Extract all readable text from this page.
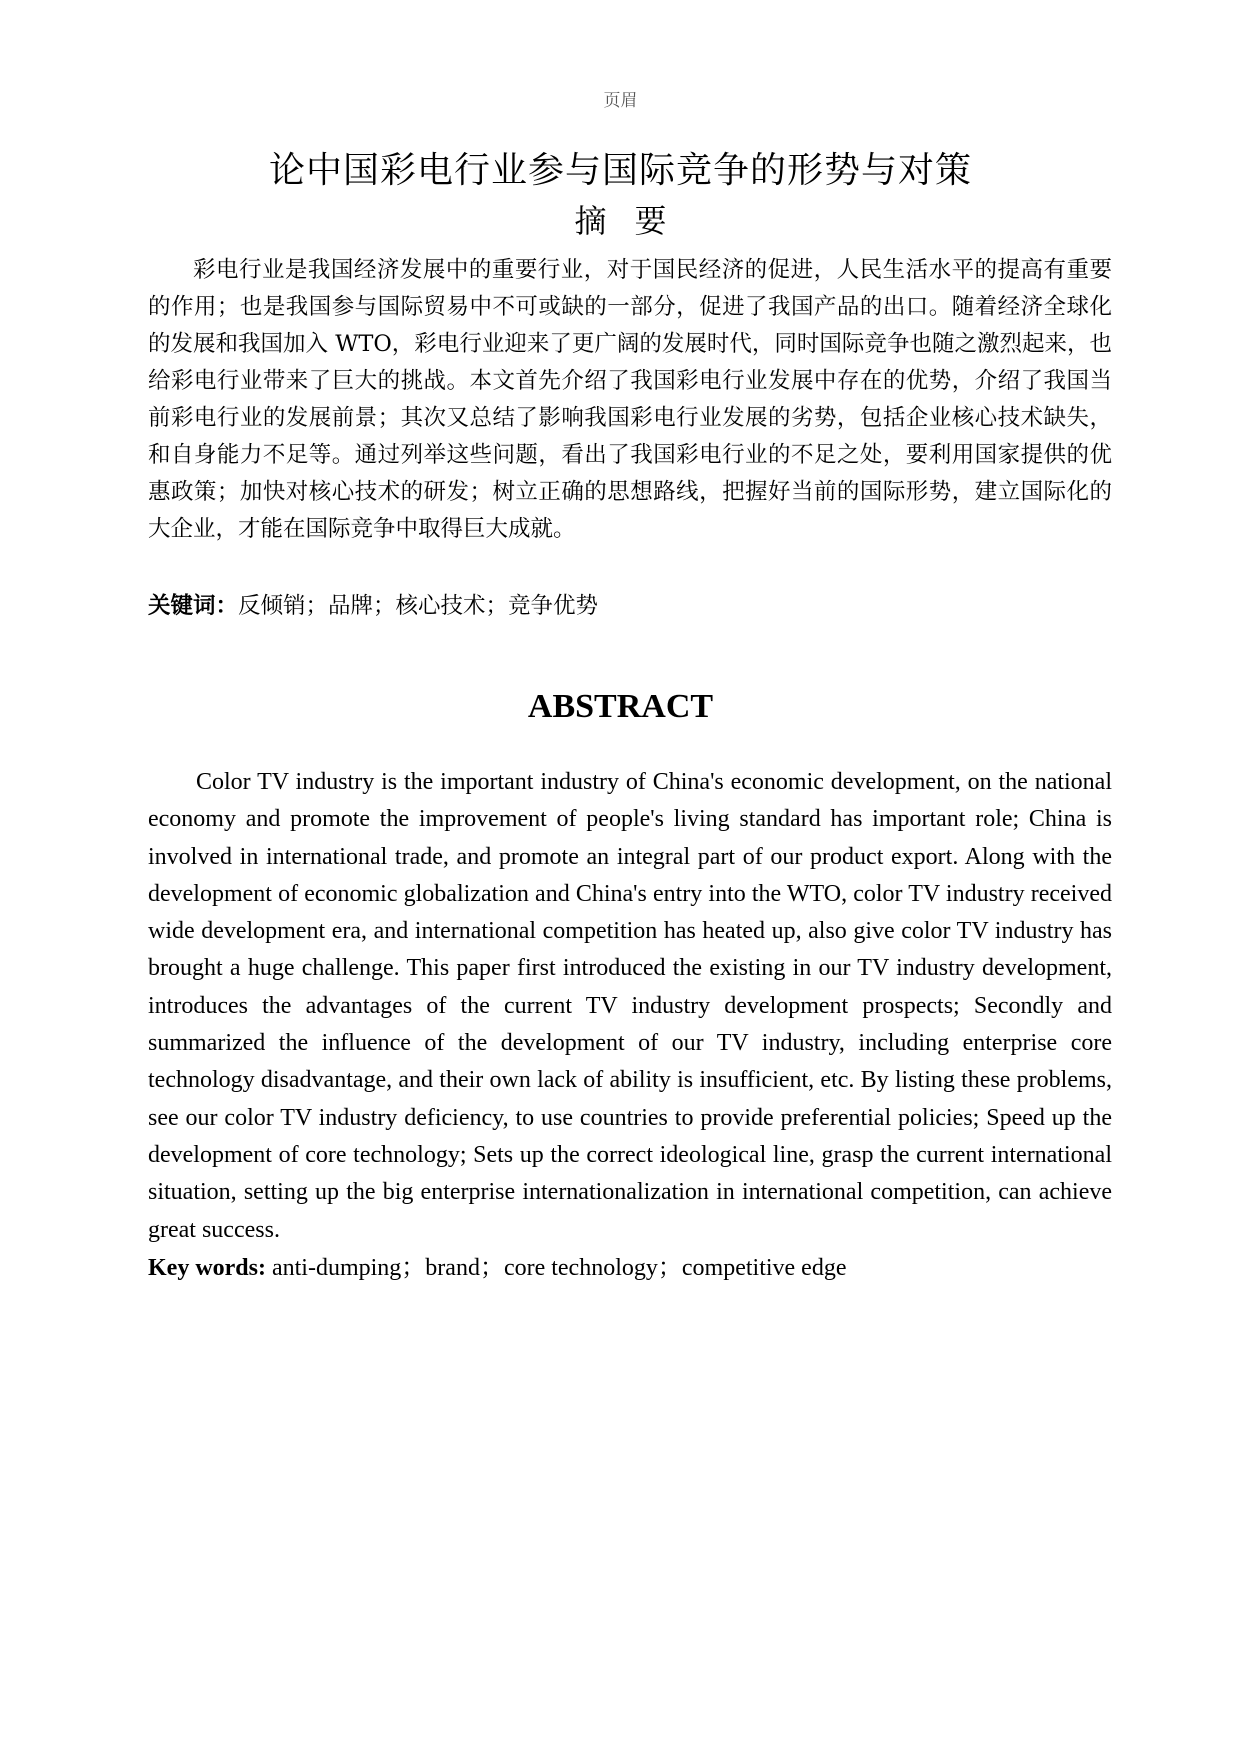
页眉
论中国彩电行业参与国际竞争的形势与对策
摘要

彩电行业是我国经济发展中的重要行业，对于国民经济的促进，人民生活水平的提高有重要的作用；也是我国参与国际贸易中不可或缺的一部分，促进了我国产品的出口。随着经济全球化的发展和我国加入 WTO，彩电行业迎来了更广阔的发展时代，同时国际竞争也随之激烈起来，也给彩电行业带来了巨大的挑战。本文首先介绍了我国彩电行业发展中存在的优势，介绍了我国当前彩电行业的发展前景；其次又总结了影响我国彩电行业发展的劣势，包括企业核心技术缺失，和自身能力不足等。通过列举这些问题，看出了我国彩电行业的不足之处，要利用国家提供的优惠政策；加快对核心技术的研发；树立正确的思想路线，把握好当前的国际形势，建立国际化的大企业，才能在国际竞争中取得巨大成就。

关键词：反倾销；品牌；核心技术；竞争优势
ABSTRACT

Color TV industry is the important industry of China's economic development, on the national economy and promote the improvement of people's living standard has important role; China is involved in international trade, and promote an integral part of our product export. Along with the development of economic globalization and China's entry into the WTO, color TV industry received wide development era, and international competition has heated up, also give color TV industry has brought a huge challenge. This paper first introduced the existing in our TV industry development, introduces the advantages of the current TV industry development prospects; Secondly and summarized the influence of the development of our TV industry, including enterprise core technology disadvantage, and their own lack of ability is insufficient, etc. By listing these problems, see our color TV industry deficiency, to use countries to provide preferential policies; Speed up the development of core technology; Sets up the correct ideological line, grasp the current international situation, setting up the big enterprise internationalization in international competition, can achieve great success.

Key words: anti-dumping；brand；core technology；competitive edge
